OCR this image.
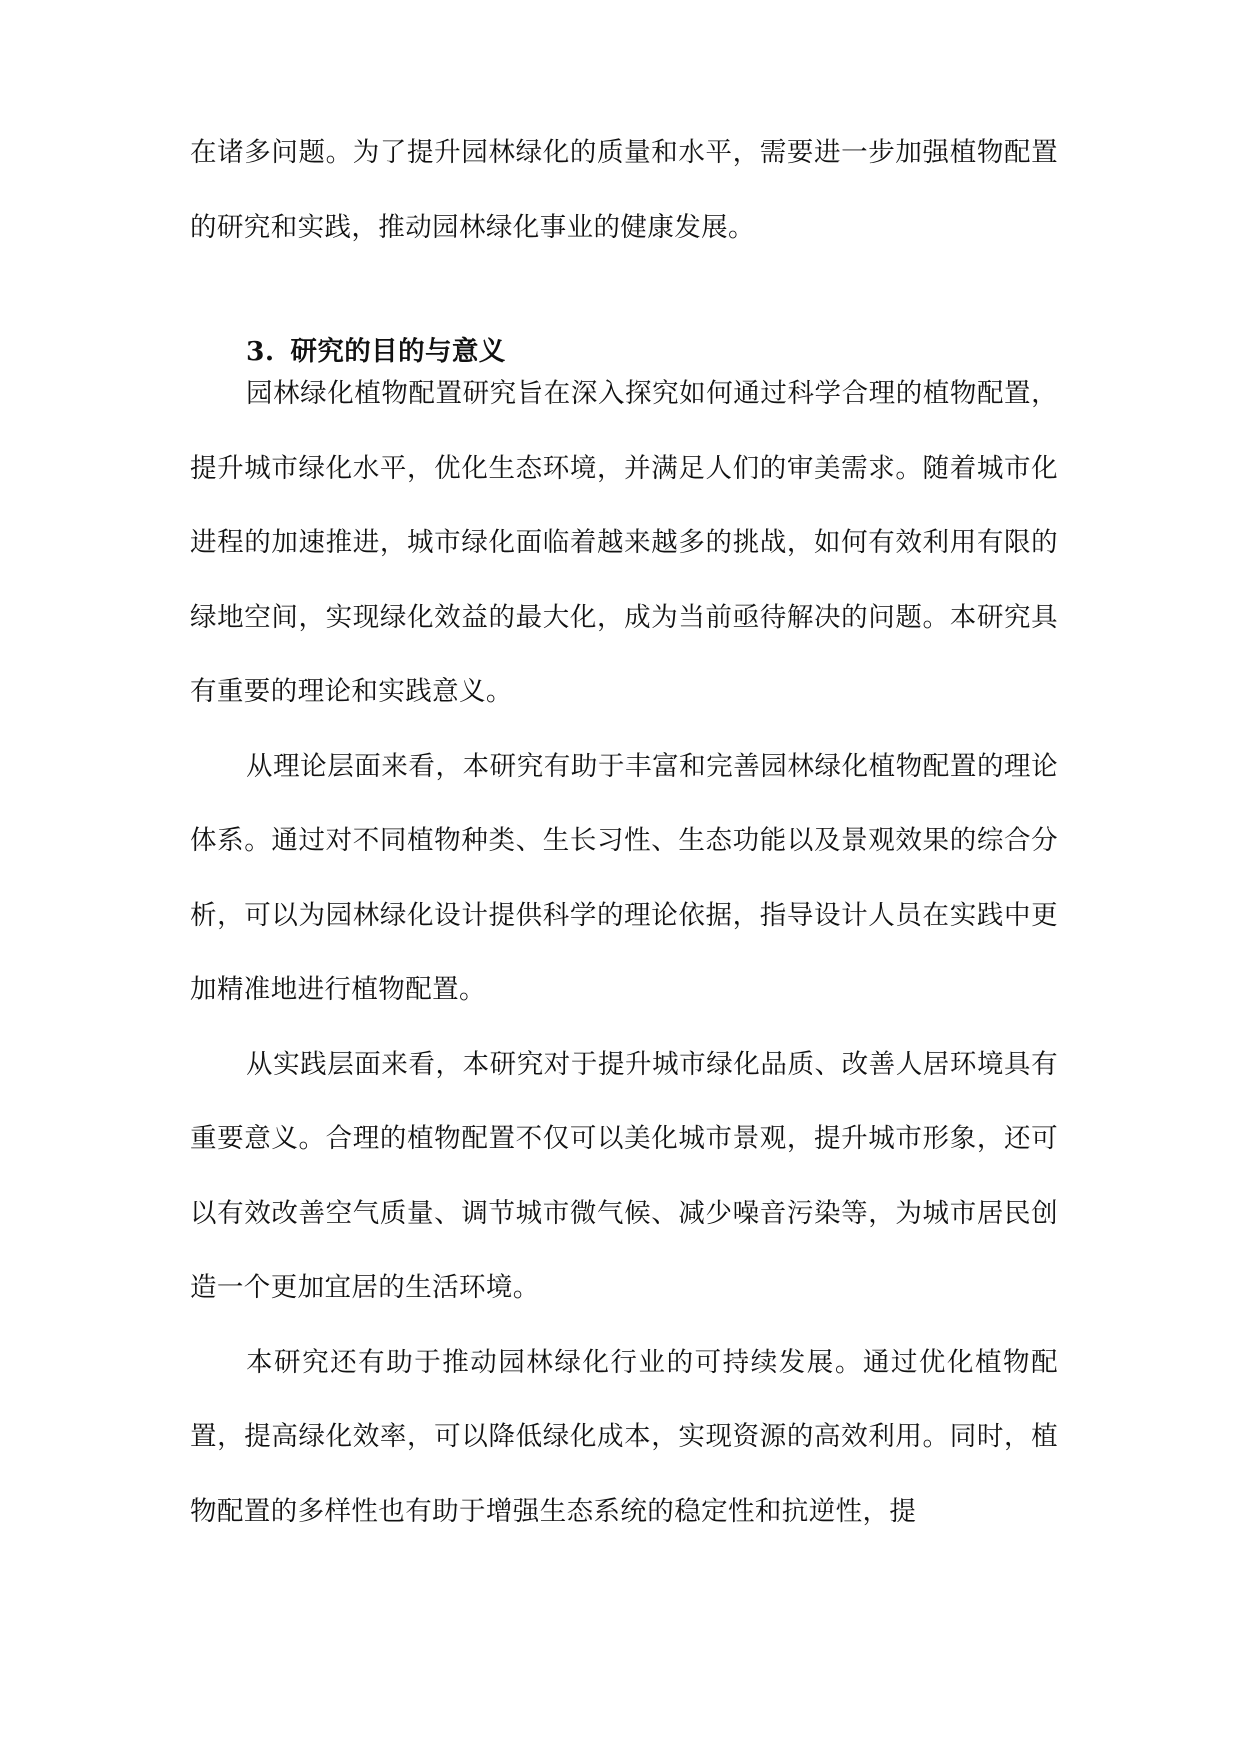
在诸多问题。为了提升园林绿化的质量和水平，需要进一步加强植物配置的研究和实践，推动园林绿化事业的健康发展。

3. 研究的目的与意义

园林绿化植物配置研究旨在深入探究如何通过科学合理的植物配置，提升城市绿化水平，优化生态环境，并满足人们的审美需求。随着城市化进程的加速推进，城市绿化面临着越来越多的挑战，如何有效利用有限的绿地空间，实现绿化效益的最大化，成为当前亟待解决的问题。本研究具有重要的理论和实践意义。

从理论层面来看，本研究有助于丰富和完善园林绿化植物配置的理论体系。通过对不同植物种类、生长习性、生态功能以及景观效果的综合分析，可以为园林绿化设计提供科学的理论依据，指导设计人员在实践中更加精准地进行植物配置。

从实践层面来看，本研究对于提升城市绿化品质、改善人居环境具有重要意义。合理的植物配置不仅可以美化城市景观，提升城市形象，还可以有效改善空气质量、调节城市微气候、减少噪音污染等，为城市居民创造一个更加宜居的生活环境。

本研究还有助于推动园林绿化行业的可持续发展。通过优化植物配置，提高绿化效率，可以降低绿化成本，实现资源的高效利用。同时，植物配置的多样性也有助于增强生态系统的稳定性和抗逆性，提
